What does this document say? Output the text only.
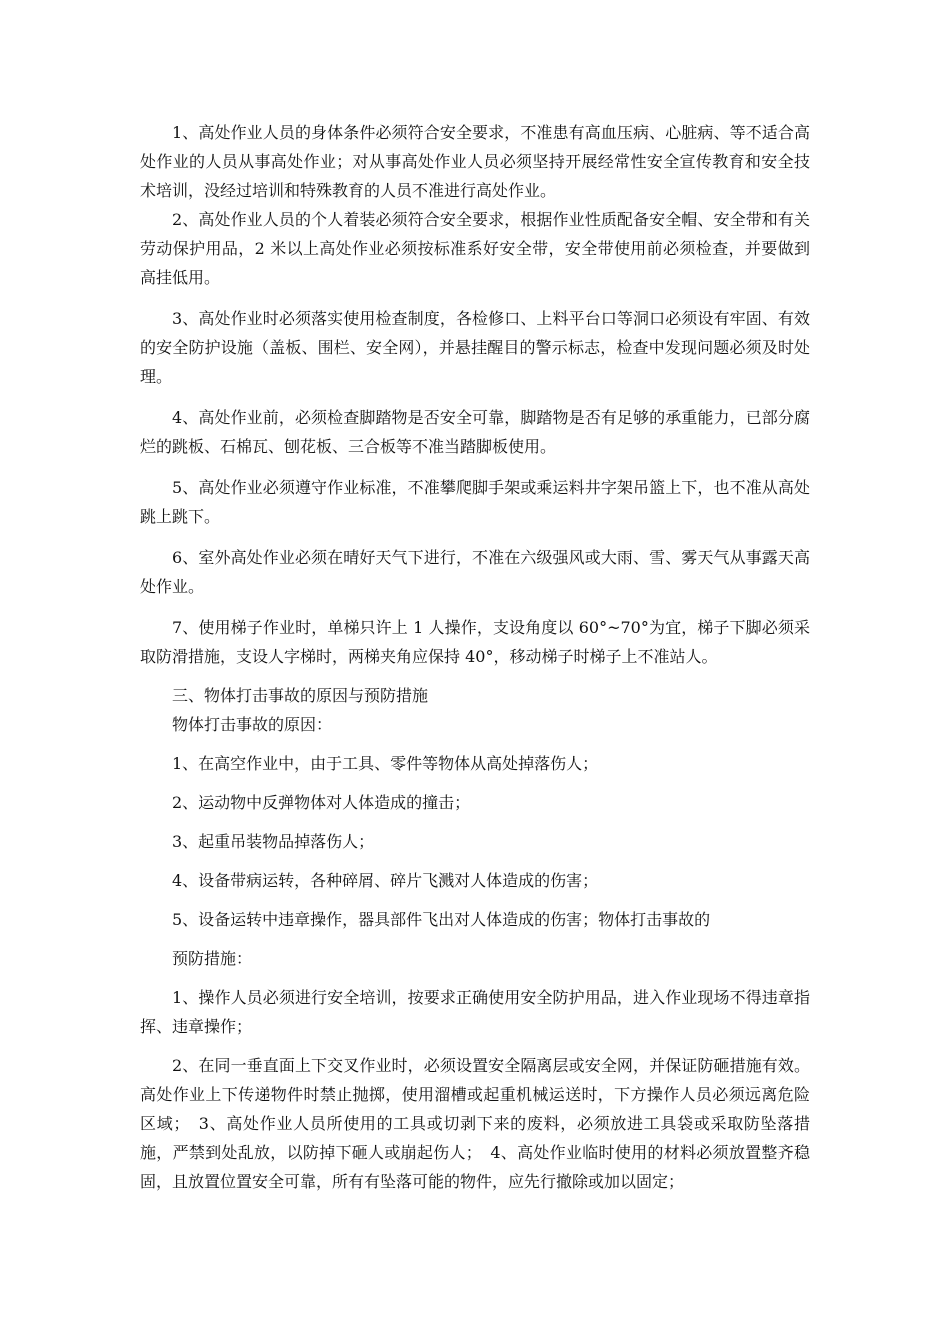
1、高处作业人员的身体条件必须符合安全要求，不准患有高血压病、心脏病、等不适合高处作业的人员从事高处作业；对从事高处作业人员必须坚持开展经常性安全宣传教育和安全技术培训，没经过培训和特殊教育的人员不准进行高处作业。

2、高处作业人员的个人着装必须符合安全要求，根据作业性质配备安全帽、安全带和有关劳动保护用品，2 米以上高处作业必须按标准系好安全带，安全带使用前必须检查，并要做到高挂低用。

3、高处作业时必须落实使用检查制度，各检修口、上料平台口等洞口必须设有牢固、有效的安全防护设施（盖板、围栏、安全网），并悬挂醒目的警示标志，检查中发现问题必须及时处理。

4、高处作业前，必须检查脚踏物是否安全可靠，脚踏物是否有足够的承重能力，已部分腐烂的跳板、石棉瓦、刨花板、三合板等不准当踏脚板使用。

5、高处作业必须遵守作业标准，不准攀爬脚手架或乘运料井字架吊篮上下，也不准从高处跳上跳下。

6、室外高处作业必须在晴好天气下进行，不准在六级强风或大雨、雪、雾天气从事露天高处作业。

7、使用梯子作业时，单梯只许上 1 人操作，支设角度以 60°~70°为宜，梯子下脚必须采取防滑措施，支设人字梯时，两梯夹角应保持 40°，移动梯子时梯子上不准站人。

三、物体打击事故的原因与预防措施

物体打击事故的原因：

1、在高空作业中，由于工具、零件等物体从高处掉落伤人；

2、运动物中反弹物体对人体造成的撞击；

3、起重吊装物品掉落伤人；

4、设备带病运转，各种碎屑、碎片飞溅对人体造成的伤害；

5、设备运转中违章操作，器具部件飞出对人体造成的伤害；物体打击事故的

预防措施：

1、操作人员必须进行安全培训，按要求正确使用安全防护用品，进入作业现场不得违章指挥、违章操作；

2、在同一垂直面上下交叉作业时，必须设置安全隔离层或安全网，并保证防砸措施有效。高处作业上下传递物件时禁止抛掷，使用溜槽或起重机械运送时，下方操作人员必须远离危险区域；　3、高处作业人员所使用的工具或切剥下来的废料，必须放进工具袋或采取防坠落措施，严禁到处乱放，以防掉下砸人或崩起伤人；　4、高处作业临时使用的材料必须放置整齐稳固，且放置位置安全可靠，所有有坠落可能的物件，应先行撤除或加以固定；
